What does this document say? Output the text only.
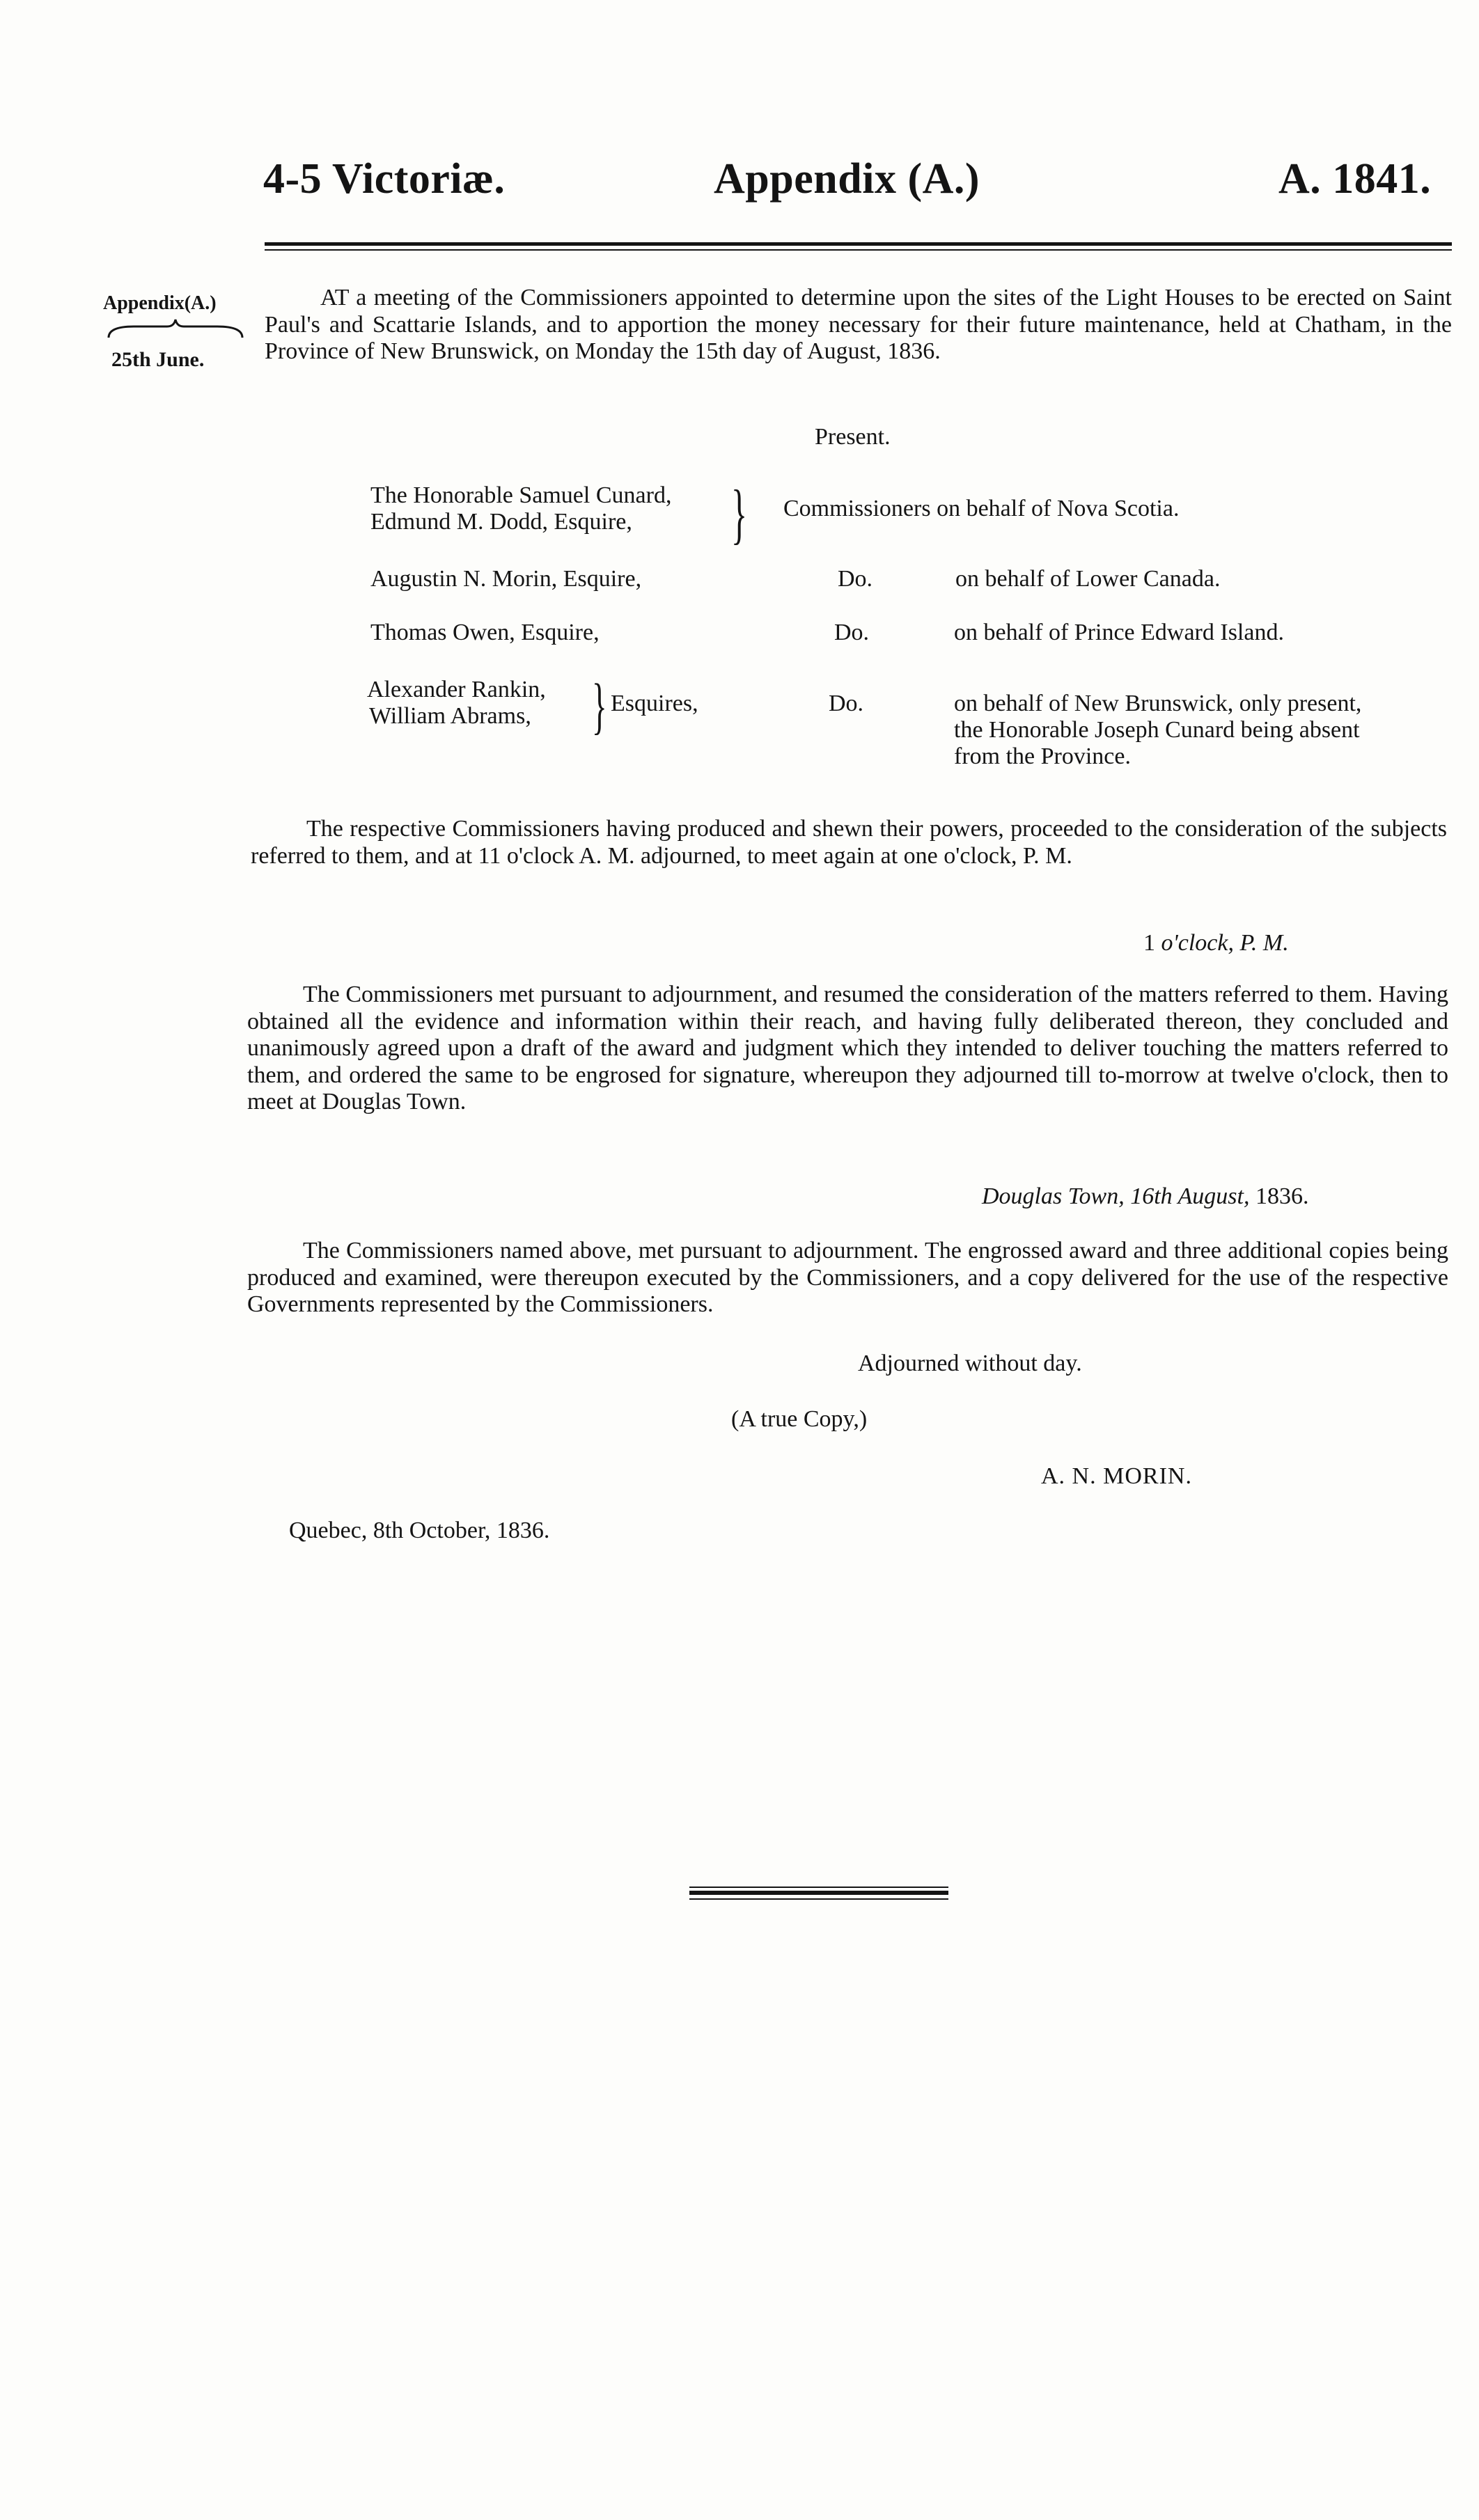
4-5 Victoriæ.	Appendix (A.)	A. 1841.
Appendix(A.)
25th June.
AT a meeting of the Commissioners appointed to determine upon the sites of the Light Houses to be erected on Saint Paul's and Scattarie Islands, and to apportion the money necessary for their future maintenance, held at Chatham, in the Province of New Brunswick, on Monday the 15th day of August, 1836.
Present.
The Honorable Samuel Cunard,
Edmund M. Dodd, Esquire, } Commissioners on behalf of Nova Scotia.
Augustin N. Morin, Esquire,	Do.	on behalf of Lower Canada.
Thomas Owen, Esquire,	Do.	on behalf of Prince Edward Island.
Alexander Rankin,
William Abrams, } Esquires,	Do.	on behalf of New Brunswick, only present,
the Honorable Joseph Cunard being absent
from the Province.
The respective Commissioners having produced and shewn their powers, proceeded to the consideration of the subjects referred to them, and at 11 o'clock A. M. adjourned, to meet again at one o'clock, P. M.
1 o'clock, P. M.
The Commissioners met pursuant to adjournment, and resumed the consideration of the matters referred to them. Having obtained all the evidence and information within their reach, and having fully deliberated thereon, they concluded and unanimously agreed upon a draft of the award and judgment which they intended to deliver touching the matters referred to them, and ordered the same to be engrosed for signature, whereupon they adjourned till to-morrow at twelve o'clock, then to meet at Douglas Town.
Douglas Town, 16th August, 1836.
The Commissioners named above, met pursuant to adjournment. The engrossed award and three additional copies being produced and examined, were thereupon executed by the Commissioners, and a copy delivered for the use of the respective Governments represented by the Commissioners.
Adjourned without day.
(A true Copy,)
A. N. MORIN.
Quebec, 8th October, 1836.
